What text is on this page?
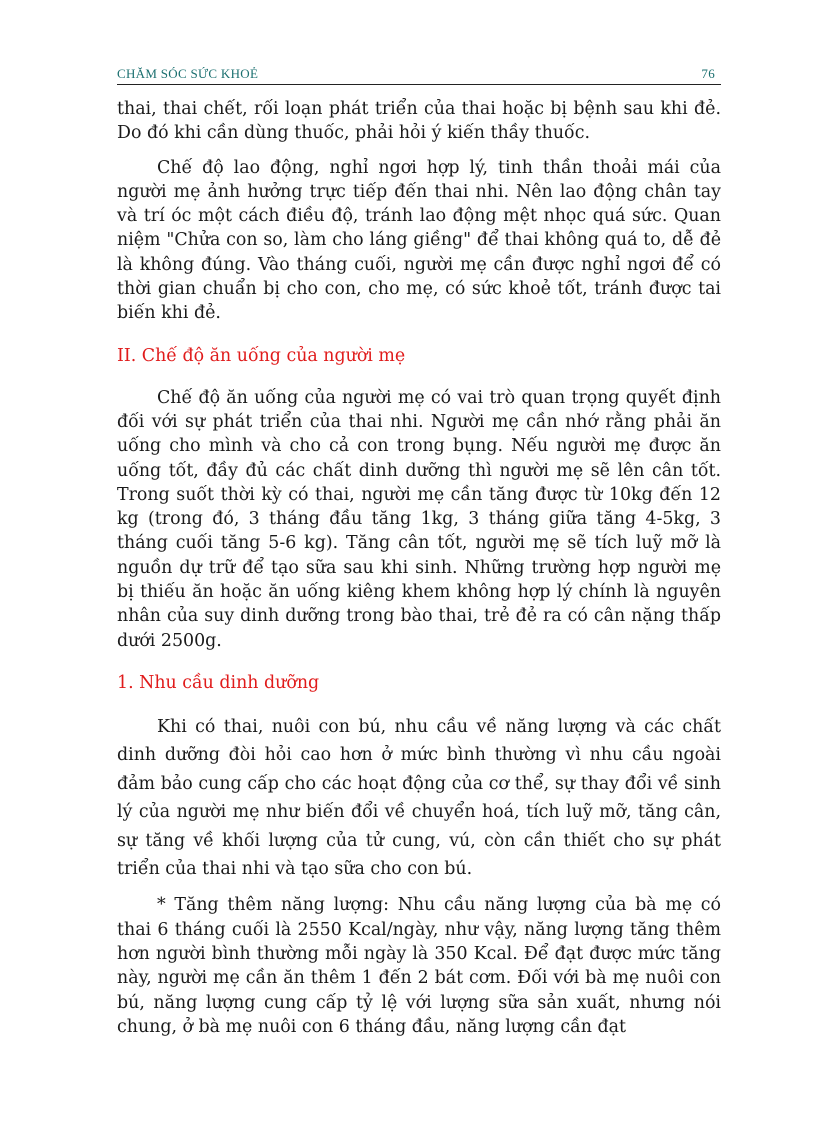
CHĂM SÓC SỨC KHOẺ	76

thai, thai chết, rối loạn phát triển của thai hoặc bị bệnh sau khi đẻ. Do đó khi cần dùng thuốc, phải hỏi ý kiến thầy thuốc.

Chế độ lao động, nghỉ ngơi hợp lý, tinh thần thoải mái của người mẹ ảnh hưởng trực tiếp đến thai nhi. Nên lao động chân tay và trí óc một cách điều độ, tránh lao động mệt nhọc quá sức. Quan niệm "Chửa con so, làm cho láng giềng" để thai không quá to, dễ đẻ là không đúng. Vào tháng cuối, người mẹ cần được nghỉ ngơi để có thời gian chuẩn bị cho con, cho mẹ, có sức khoẻ tốt, tránh được tai biến khi đẻ.

II. Chế độ ăn uống của người mẹ

Chế độ ăn uống của người mẹ có vai trò quan trọng quyết định đối với sự phát triển của thai nhi. Người mẹ cần nhớ rằng phải ăn uống cho mình và cho cả con trong bụng. Nếu người mẹ được ăn uống tốt, đầy đủ các chất dinh dưỡng thì người mẹ sẽ lên cân tốt. Trong suốt thời kỳ có thai, người mẹ cần tăng được từ 10kg đến 12 kg (trong đó, 3 tháng đầu tăng 1kg, 3 tháng giữa tăng 4-5kg, 3 tháng cuối tăng 5-6 kg). Tăng cân tốt, người mẹ sẽ tích luỹ mỡ là nguồn dự trữ để tạo sữa sau khi sinh. Những trường hợp người mẹ bị thiếu ăn hoặc ăn uống kiêng khem không hợp lý chính là nguyên nhân của suy dinh dưỡng trong bào thai, trẻ đẻ ra có cân nặng thấp dưới 2500g.

1. Nhu cầu dinh dưỡng

Khi có thai, nuôi con bú, nhu cầu về năng lượng và các chất dinh dưỡng đòi hỏi cao hơn ở mức bình thường vì nhu cầu ngoài đảm bảo cung cấp cho các hoạt động của cơ thể, sự thay đổi về sinh lý của người mẹ như biến đổi về chuyển hoá, tích luỹ mỡ, tăng cân, sự tăng về khối lượng của tử cung, vú, còn cần thiết cho sự phát triển của thai nhi và tạo sữa cho con bú.

* Tăng thêm năng lượng: Nhu cầu năng lượng của bà mẹ có thai 6 tháng cuối là 2550 Kcal/ngày, như vậy, năng lượng tăng thêm hơn người bình thường mỗi ngày là 350 Kcal. Để đạt được mức tăng này, người mẹ cần ăn thêm 1 đến 2 bát cơm. Đối với bà mẹ nuôi con bú, năng lượng cung cấp tỷ lệ với lượng sữa sản xuất, nhưng nói chung, ở bà mẹ nuôi con 6 tháng đầu, năng lượng cần đạt
